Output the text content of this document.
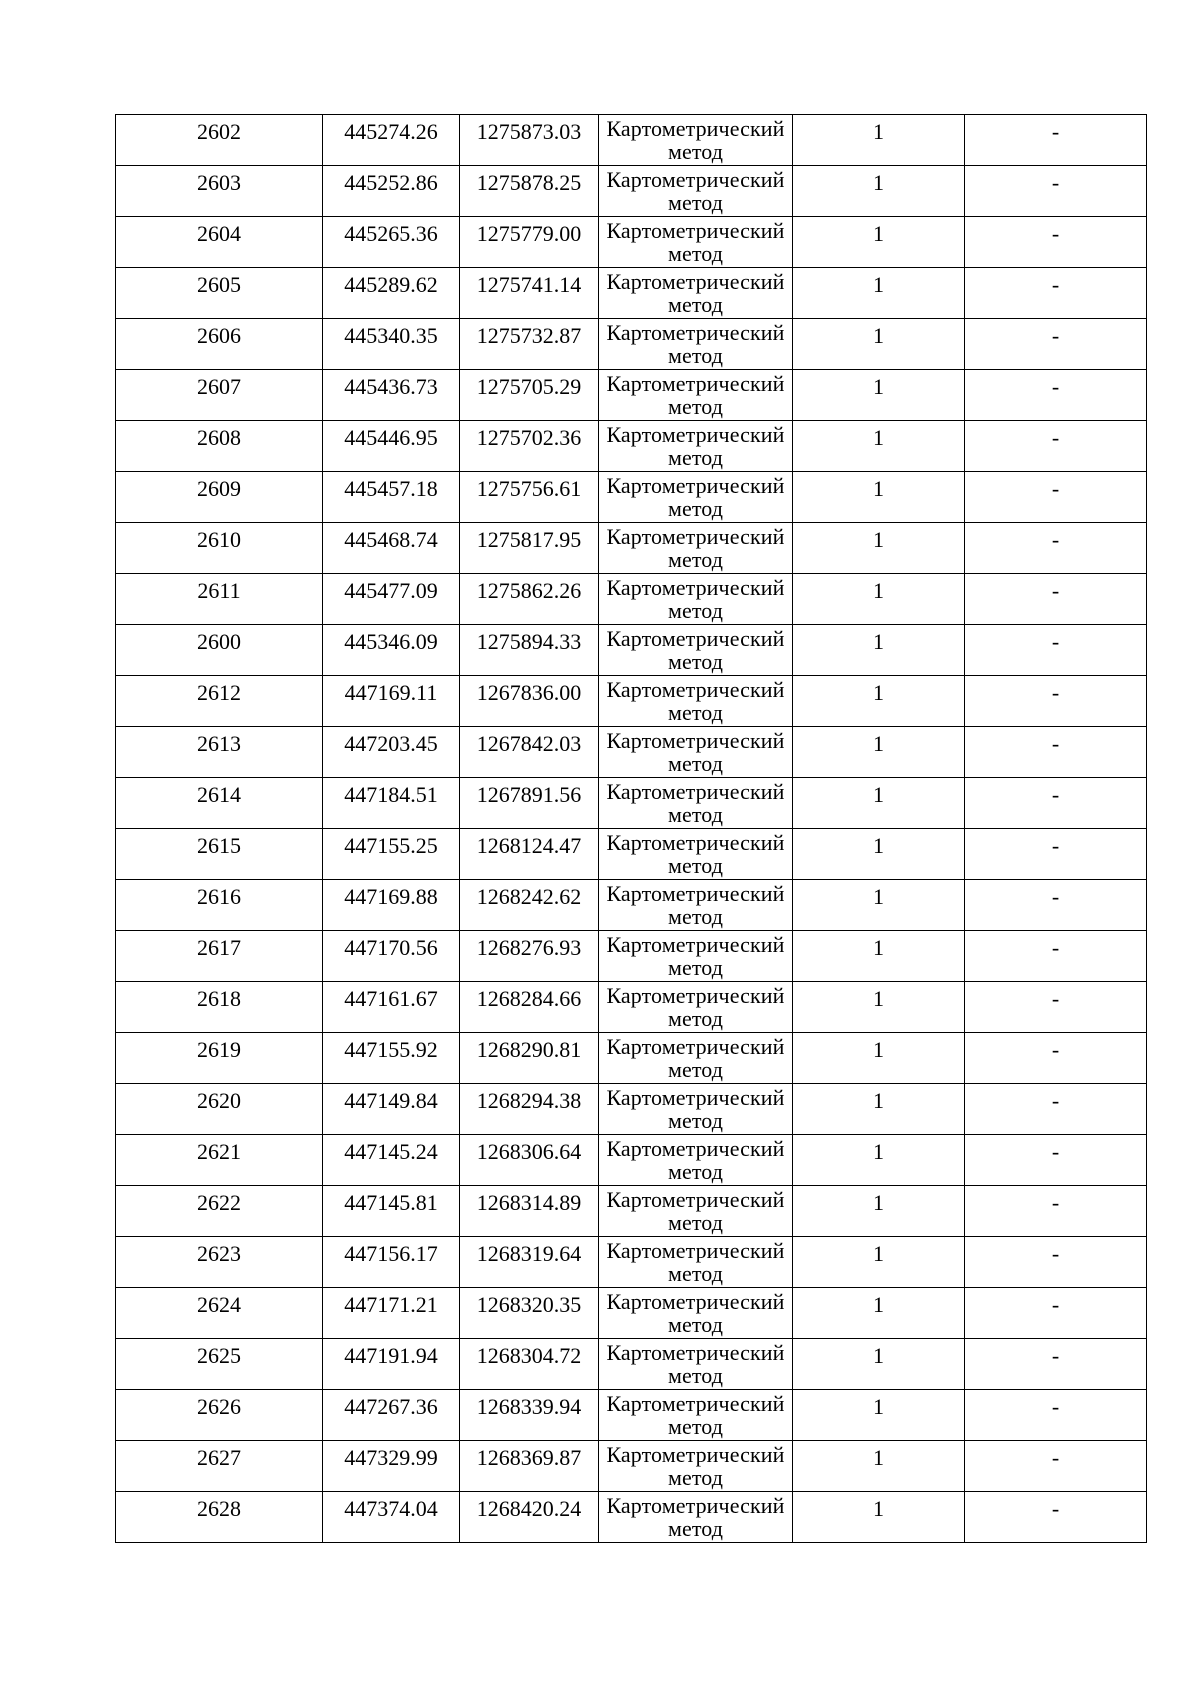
2602	445274.26	1275873.03	Картометрический
метод	1	-

2603	445252.86	1275878.25	Картометрический
метод	1	-

2604	445265.36	1275779.00	Картометрический
метод	1	-

2605	445289.62	1275741.14	Картометрический
метод	1	-

2606	445340.35	1275732.87	Картометрический
метод	1	-

2607	445436.73	1275705.29	Картометрический
метод	1	-

2608	445446.95	1275702.36	Картометрический
метод	1	-

2609	445457.18	1275756.61	Картометрический
метод	1	-

2610	445468.74	1275817.95	Картометрический
метод	1	-

2611	445477.09	1275862.26	Картометрический
метод	1	-

2600	445346.09	1275894.33	Картометрический
метод	1	-

2612	447169.11	1267836.00	Картометрический
метод	1	-

2613	447203.45	1267842.03	Картометрический
метод	1	-

2614	447184.51	1267891.56	Картометрический
метод	1	-

2615	447155.25	1268124.47	Картометрический
метод	1	-

2616	447169.88	1268242.62	Картометрический
метод	1	-

2617	447170.56	1268276.93	Картометрический
метод	1	-

2618	447161.67	1268284.66	Картометрический
метод	1	-

2619	447155.92	1268290.81	Картометрический
метод	1	-

2620	447149.84	1268294.38	Картометрический
метод	1	-

2621	447145.24	1268306.64	Картометрический
метод	1	-

2622	447145.81	1268314.89	Картометрический
метод	1	-

2623	447156.17	1268319.64	Картометрический
метод	1	-

2624	447171.21	1268320.35	Картометрический
метод	1	-

2625	447191.94	1268304.72	Картометрический
метод	1	-

2626	447267.36	1268339.94	Картометрический
метод	1	-

2627	447329.99	1268369.87	Картометрический
метод	1	-

2628	447374.04	1268420.24	Картометрический
метод	1	-
